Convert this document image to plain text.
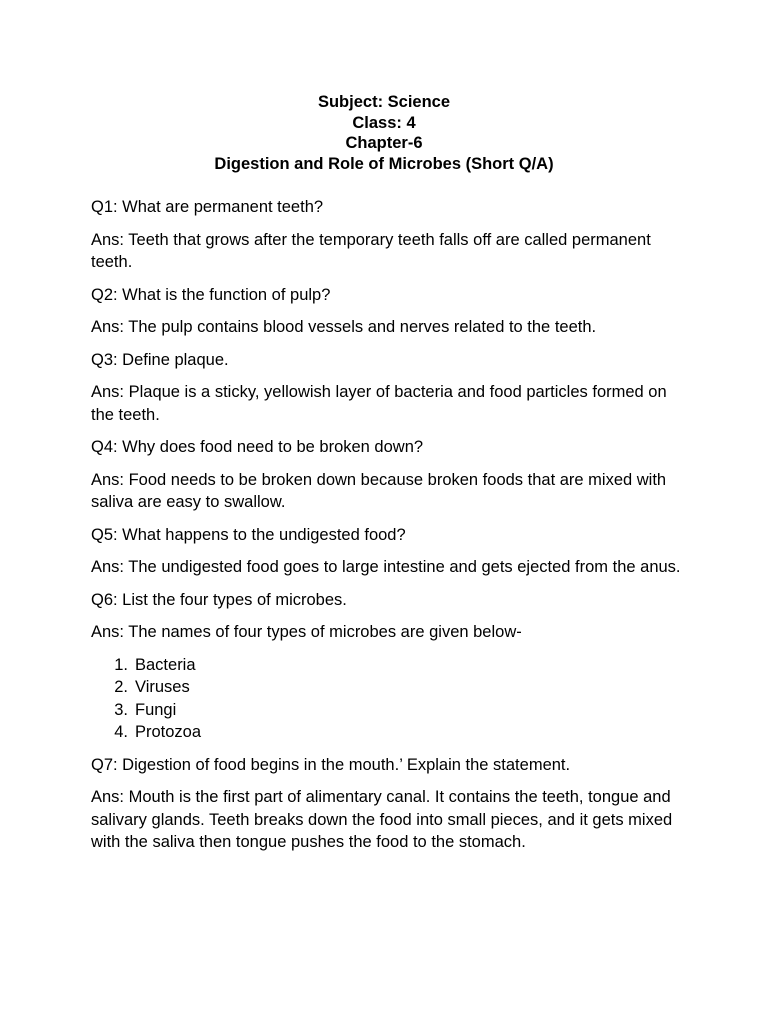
Subject: Science
Class: 4
Chapter-6
Digestion and Role of Microbes (Short Q/A)

Q1: What are permanent teeth?

Ans: Teeth that grows after the temporary teeth falls off are called permanent teeth.

Q2: What is the function of pulp?

Ans: The pulp contains blood vessels and nerves related to the teeth.

Q3: Define plaque.

Ans: Plaque is a sticky, yellowish layer of bacteria and food particles formed on the teeth.

Q4: Why does food need to be broken down?

Ans: Food needs to be broken down because broken foods that are mixed with saliva are easy to swallow.

Q5: What happens to the undigested food?

Ans: The undigested food goes to large intestine and gets ejected from the anus.

Q6: List the four types of microbes.

Ans: The names of four types of microbes are given below-

1. Bacteria
2. Viruses
3. Fungi
4. Protozoa

Q7: Digestion of food begins in the mouth.’ Explain the statement.

Ans: Mouth is the first part of alimentary canal. It contains the teeth, tongue and salivary glands. Teeth breaks down the food into small pieces, and it gets mixed with the saliva then tongue pushes the food to the stomach.
